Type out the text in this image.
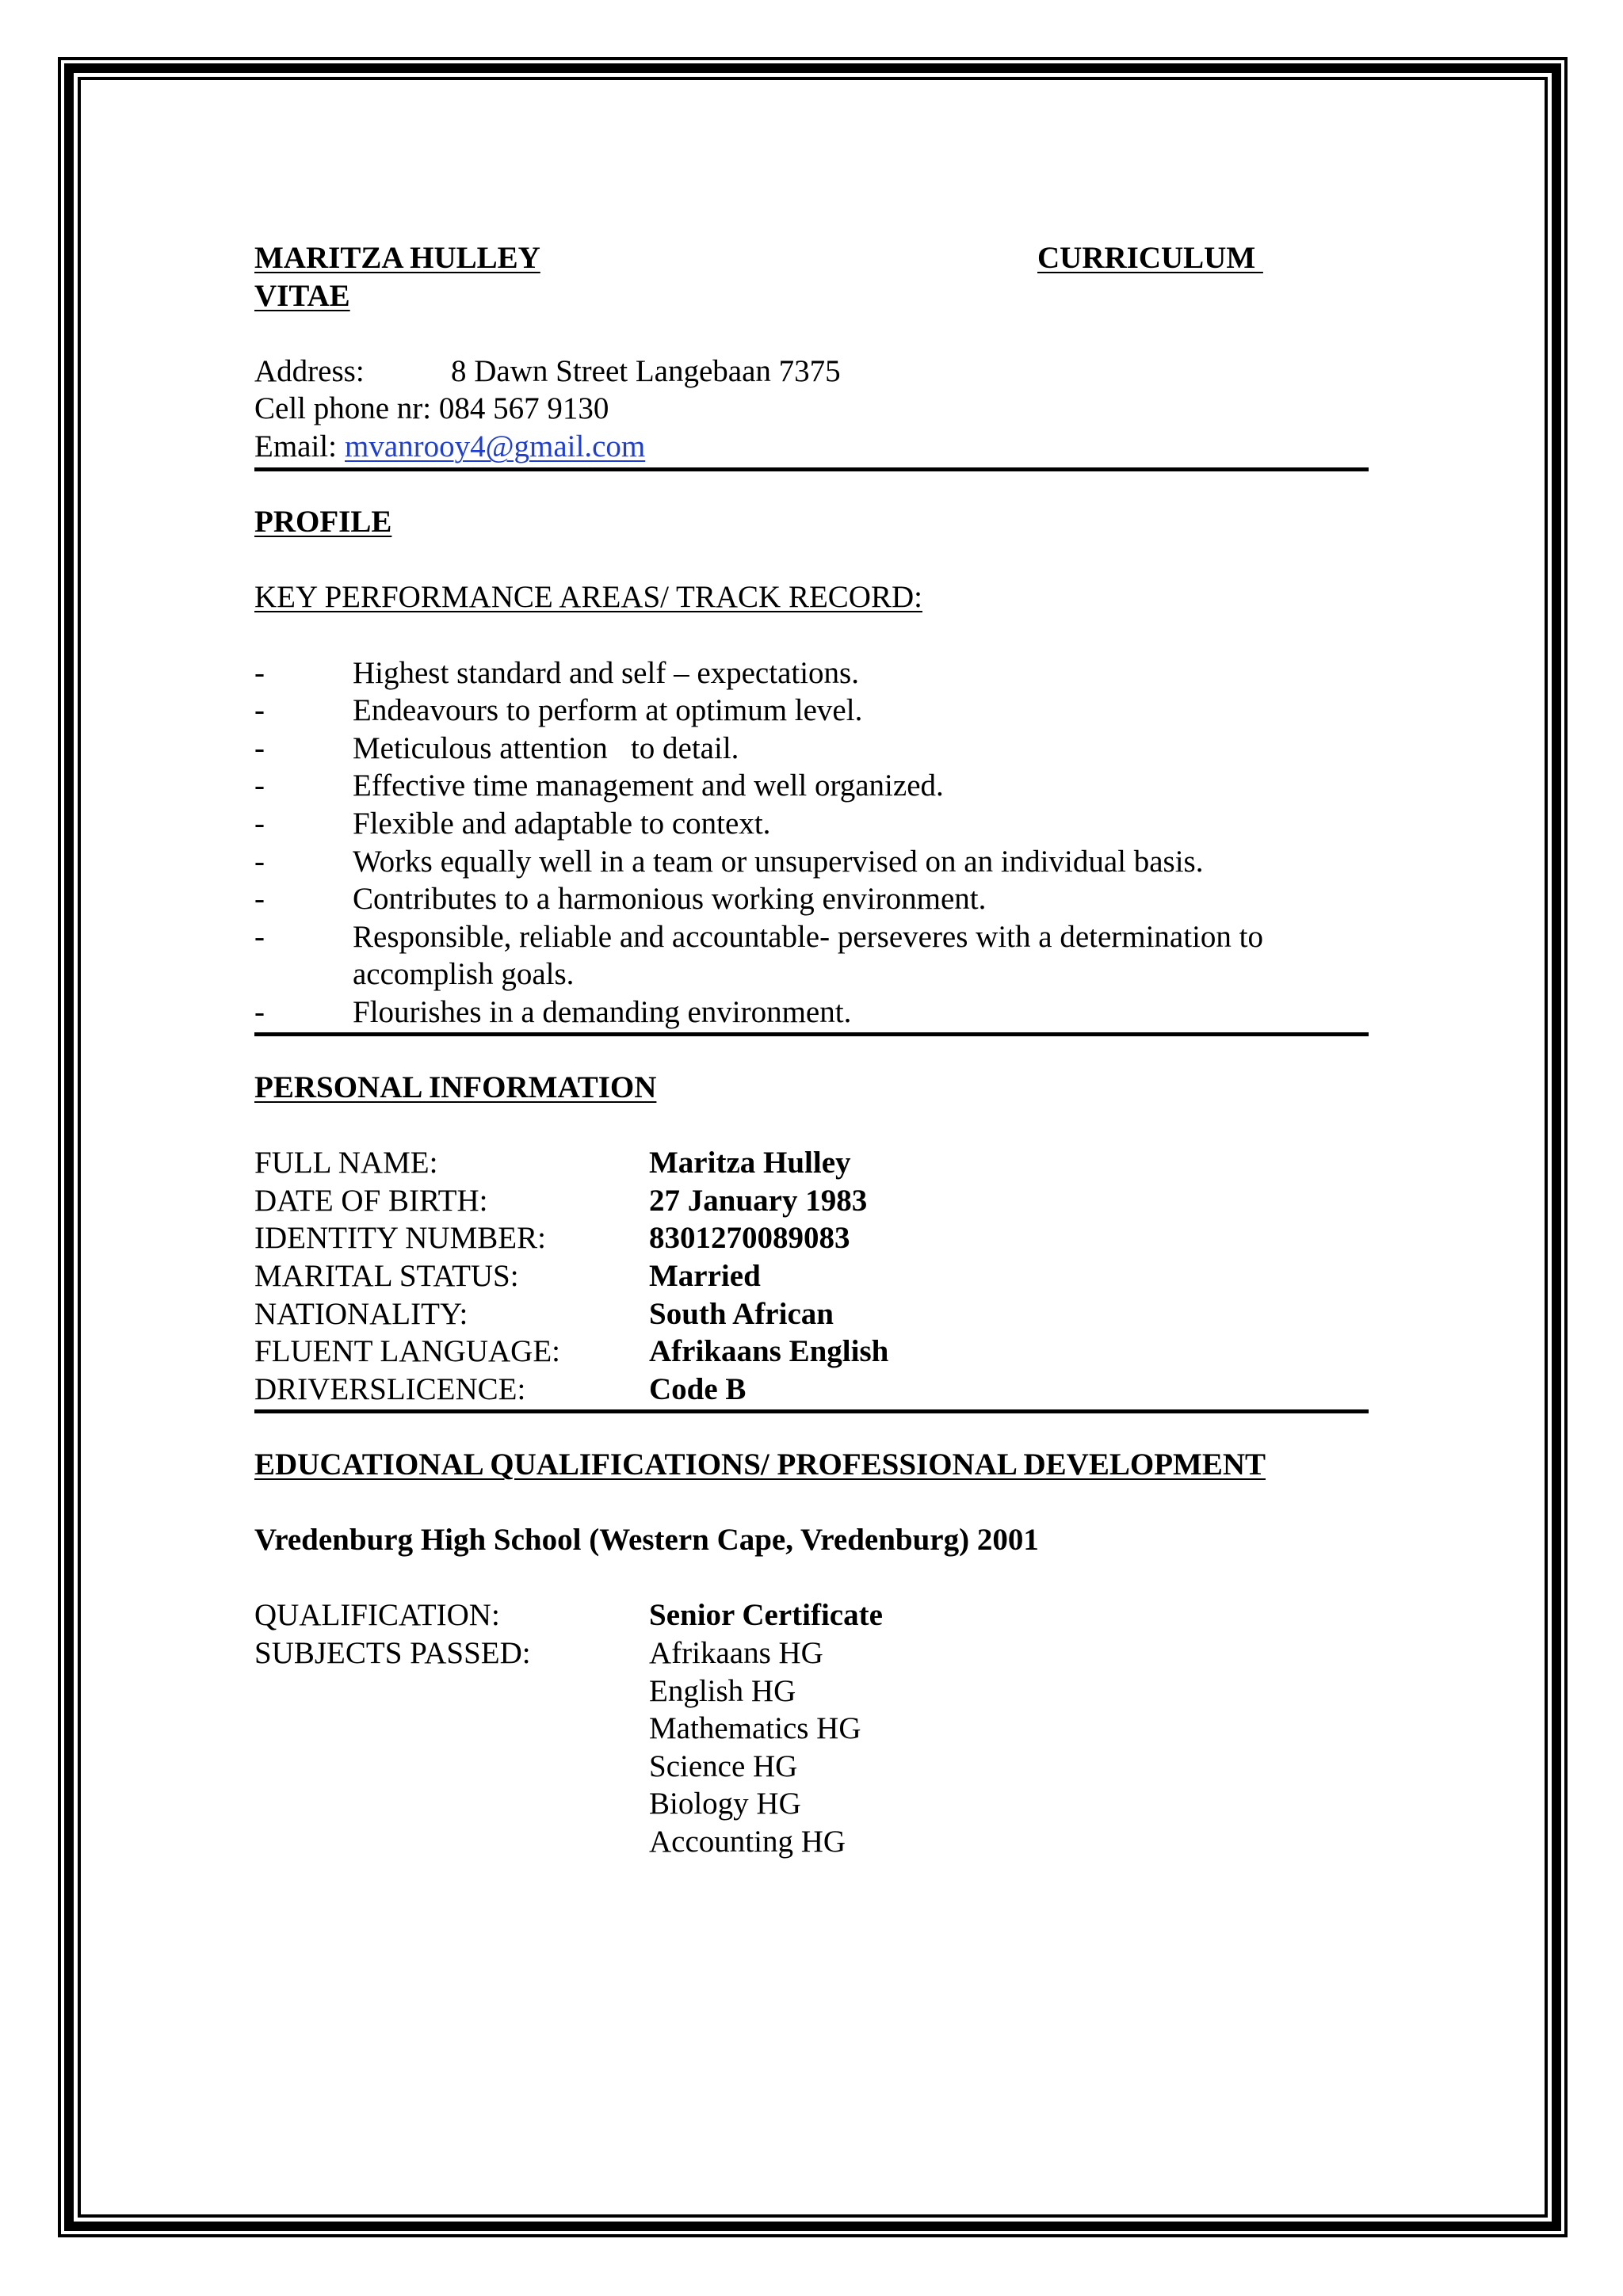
MARITZA HULLEY	CURRICULUM
VITAE
Address:	8 Dawn Street Langebaan 7375
Cell phone nr: 084 567 9130
Email: mvanrooy4@gmail.com
PROFILE
KEY PERFORMANCE AREAS/ TRACK RECORD:
-	Highest standard and self – expectations.
-	Endeavours to perform at optimum level.
-	Meticulous attention   to detail.
-	Effective time management and well organized.
-	Flexible and adaptable to context.
-	Works equally well in a team or unsupervised on an individual basis.
-	Contributes to a harmonious working environment.
-	Responsible, reliable and accountable- perseveres with a determination to accomplish goals.
-	Flourishes in a demanding environment.
PERSONAL INFORMATION
FULL NAME:	Maritza Hulley
DATE OF BIRTH:	27 January 1983
IDENTITY NUMBER:	8301270089083
MARITAL STATUS:	Married
NATIONALITY:	South African
FLUENT LANGUAGE:	Afrikaans English
DRIVERSLICENCE:	Code B
EDUCATIONAL QUALIFICATIONS/ PROFESSIONAL DEVELOPMENT
Vredenburg High School (Western Cape, Vredenburg) 2001
QUALIFICATION:	Senior Certificate
SUBJECTS PASSED:	Afrikaans HG
English HG
Mathematics HG
Science HG
Biology HG
Accounting HG
